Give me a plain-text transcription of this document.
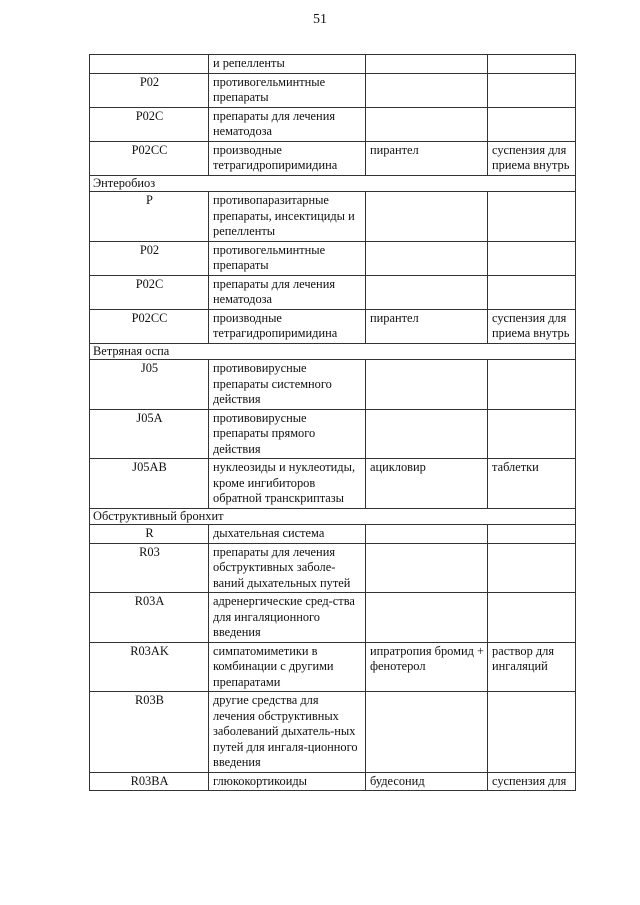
51
	и репелленты		
P02	противогельминтные препараты		
P02C	препараты для лечения нематодоза		
P02CC	производные тетрагидропиримидина	пирантел	суспензия для приема внутрь
Энтеробиоз			
P	противопаразитарные препараты, инсектициды и репелленты		
P02	противогельминтные препараты		
P02C	препараты для лечения нематодоза		
P02CC	производные тетрагидропиримидина	пирантел	суспензия для приема внутрь
Ветряная оспа			
J05	противовирусные препараты системного действия		
J05A	противовирусные препараты прямого действия		
J05AB	нуклеозиды и нуклеотиды, кроме ингибиторов обратной транскриптазы	ацикловир	таблетки
Обструктивный бронхит			
R	дыхательная система		
R03	препараты для лечения обструктивных заболе-ваний дыхательных путей		
R03A	адренергические сред-ства для ингаляционного введения		
R03AK	симпатомиметики в комбинации с другими препаратами	ипратропия бромид + фенотерол	раствор для ингаляций
R03B	другие средства для лечения обструктивных заболеваний дыхатель-ных путей для ингаля-ционного введения		
R03BA	глюкокортикоиды	будесонид	суспензия для
